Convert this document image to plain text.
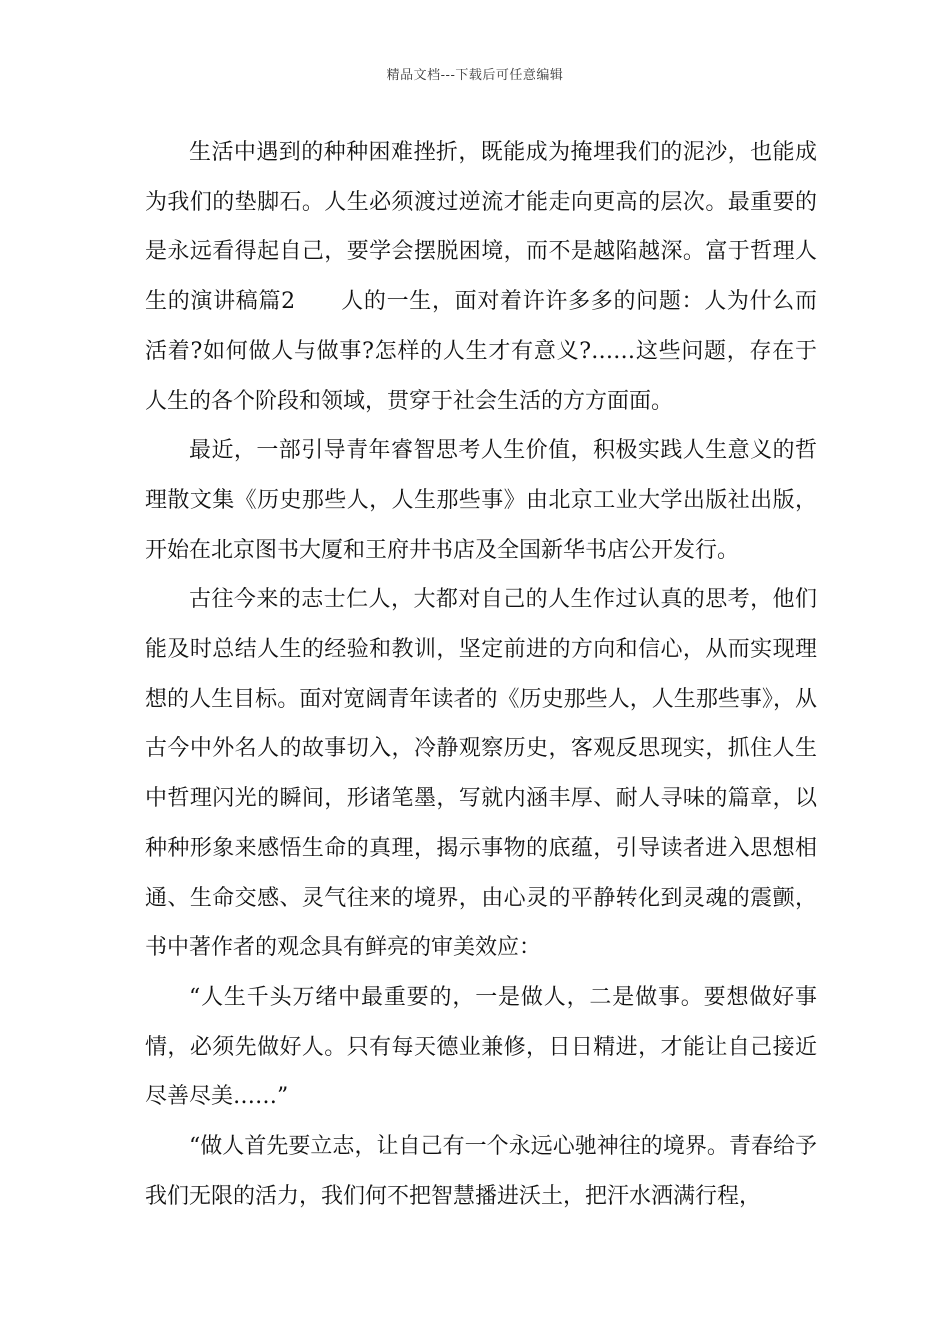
精品文档---下载后可任意编辑

生活中遇到的种种困难挫折，既能成为掩埋我们的泥沙，也能成为我们的垫脚石。人生必须渡过逆流才能走向更高的层次。最重要的是永远看得起自己，要学会摆脱困境，而不是越陷越深。富于哲理人生的演讲稿篇2　　人的一生，面对着许许多多的问题：人为什么而活着?如何做人与做事?怎样的人生才有意义?……这些问题，存在于人生的各个阶段和领域，贯穿于社会生活的方方面面。

最近，一部引导青年睿智思考人生价值，积极实践人生意义的哲理散文集《历史那些人，人生那些事》由北京工业大学出版社出版，开始在北京图书大厦和王府井书店及全国新华书店公开发行。

古往今来的志士仁人，大都对自己的人生作过认真的思考，他们能及时总结人生的经验和教训，坚定前进的方向和信心，从而实现理想的人生目标。面对宽阔青年读者的《历史那些人，人生那些事》，从古今中外名人的故事切入，冷静观察历史，客观反思现实，抓住人生中哲理闪光的瞬间，形诸笔墨，写就内涵丰厚、耐人寻味的篇章，以种种形象来感悟生命的真理，揭示事物的底蕴，引导读者进入思想相通、生命交感、灵气往来的境界，由心灵的平静转化到灵魂的震颤，书中著作者的观念具有鲜亮的审美效应：

“人生千头万绪中最重要的，一是做人，二是做事。要想做好事情，必须先做好人。只有每天德业兼修，日日精进，才能让自己接近尽善尽美……”

“做人首先要立志，让自己有一个永远心驰神往的境界。青春给予我们无限的活力，我们何不把智慧播进沃土，把汗水洒满行程，
